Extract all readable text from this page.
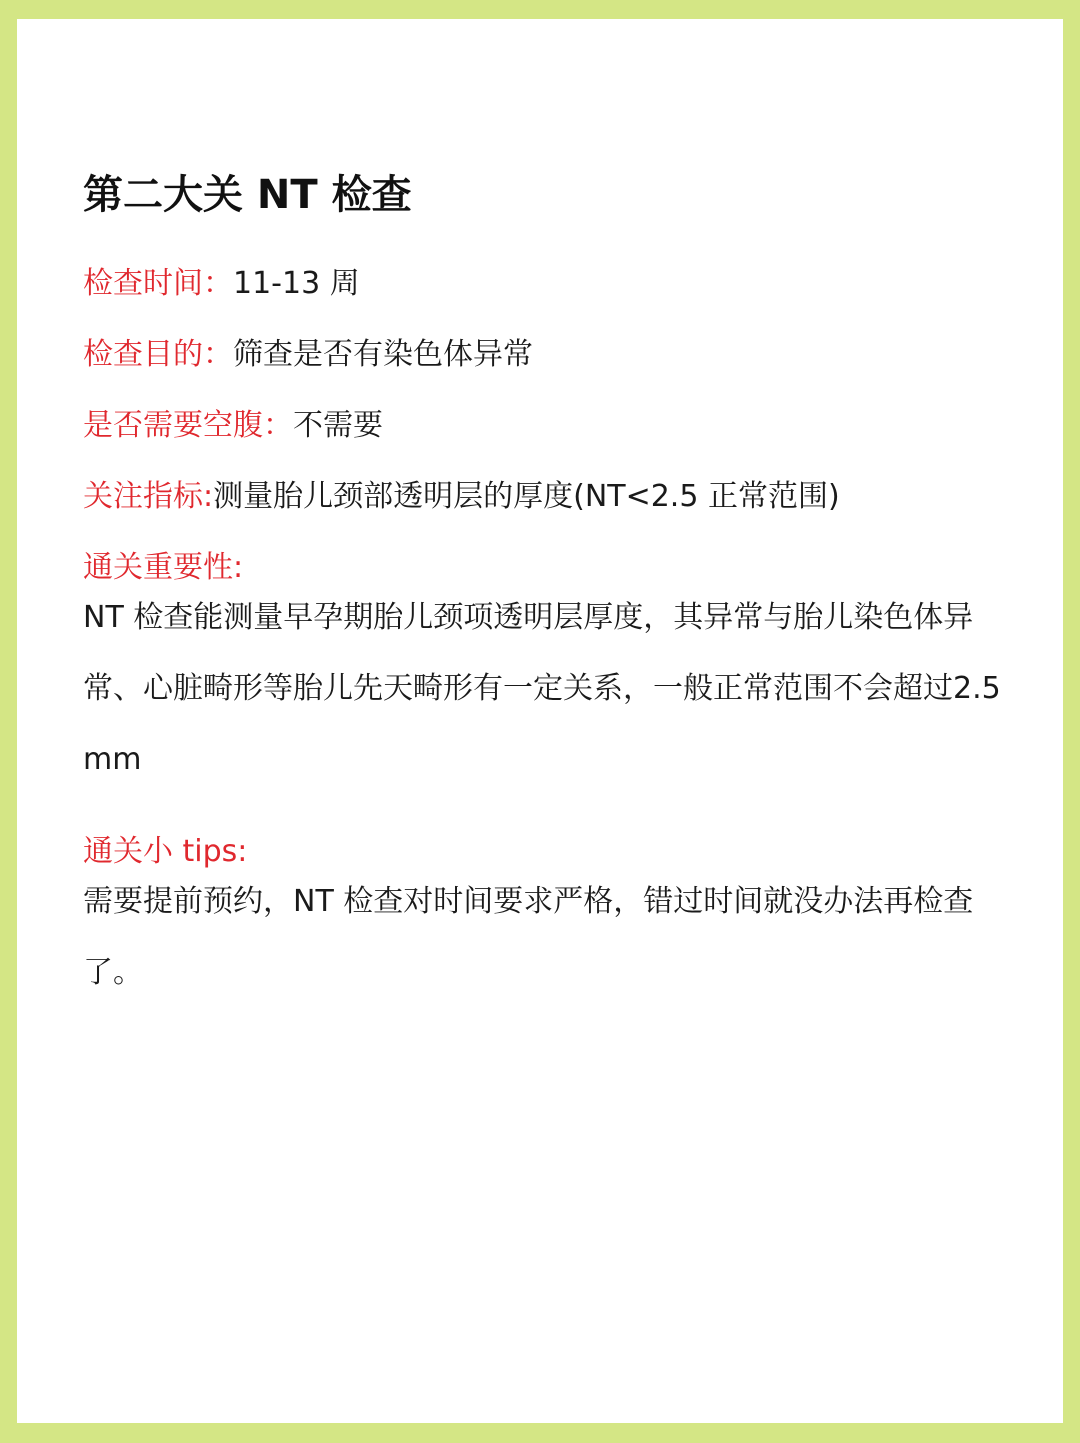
第二大关 NT 检查
检查时间：11-13 周
检查目的：筛查是否有染色体异常
是否需要空腹：不需要
关注指标:测量胎儿颈部透明层的厚度(NT<2.5 正常范围)
通关重要性:

NT 检查能测量早孕期胎儿颈项透明层厚度，其异常与胎儿染色体异常、心脏畸形等胎儿先天畸形有一定关系，一般正常范围不会超过2.5mm

通关小 tips:

需要提前预约，NT 检查对时间要求严格，错过时间就没办法再检查了。
